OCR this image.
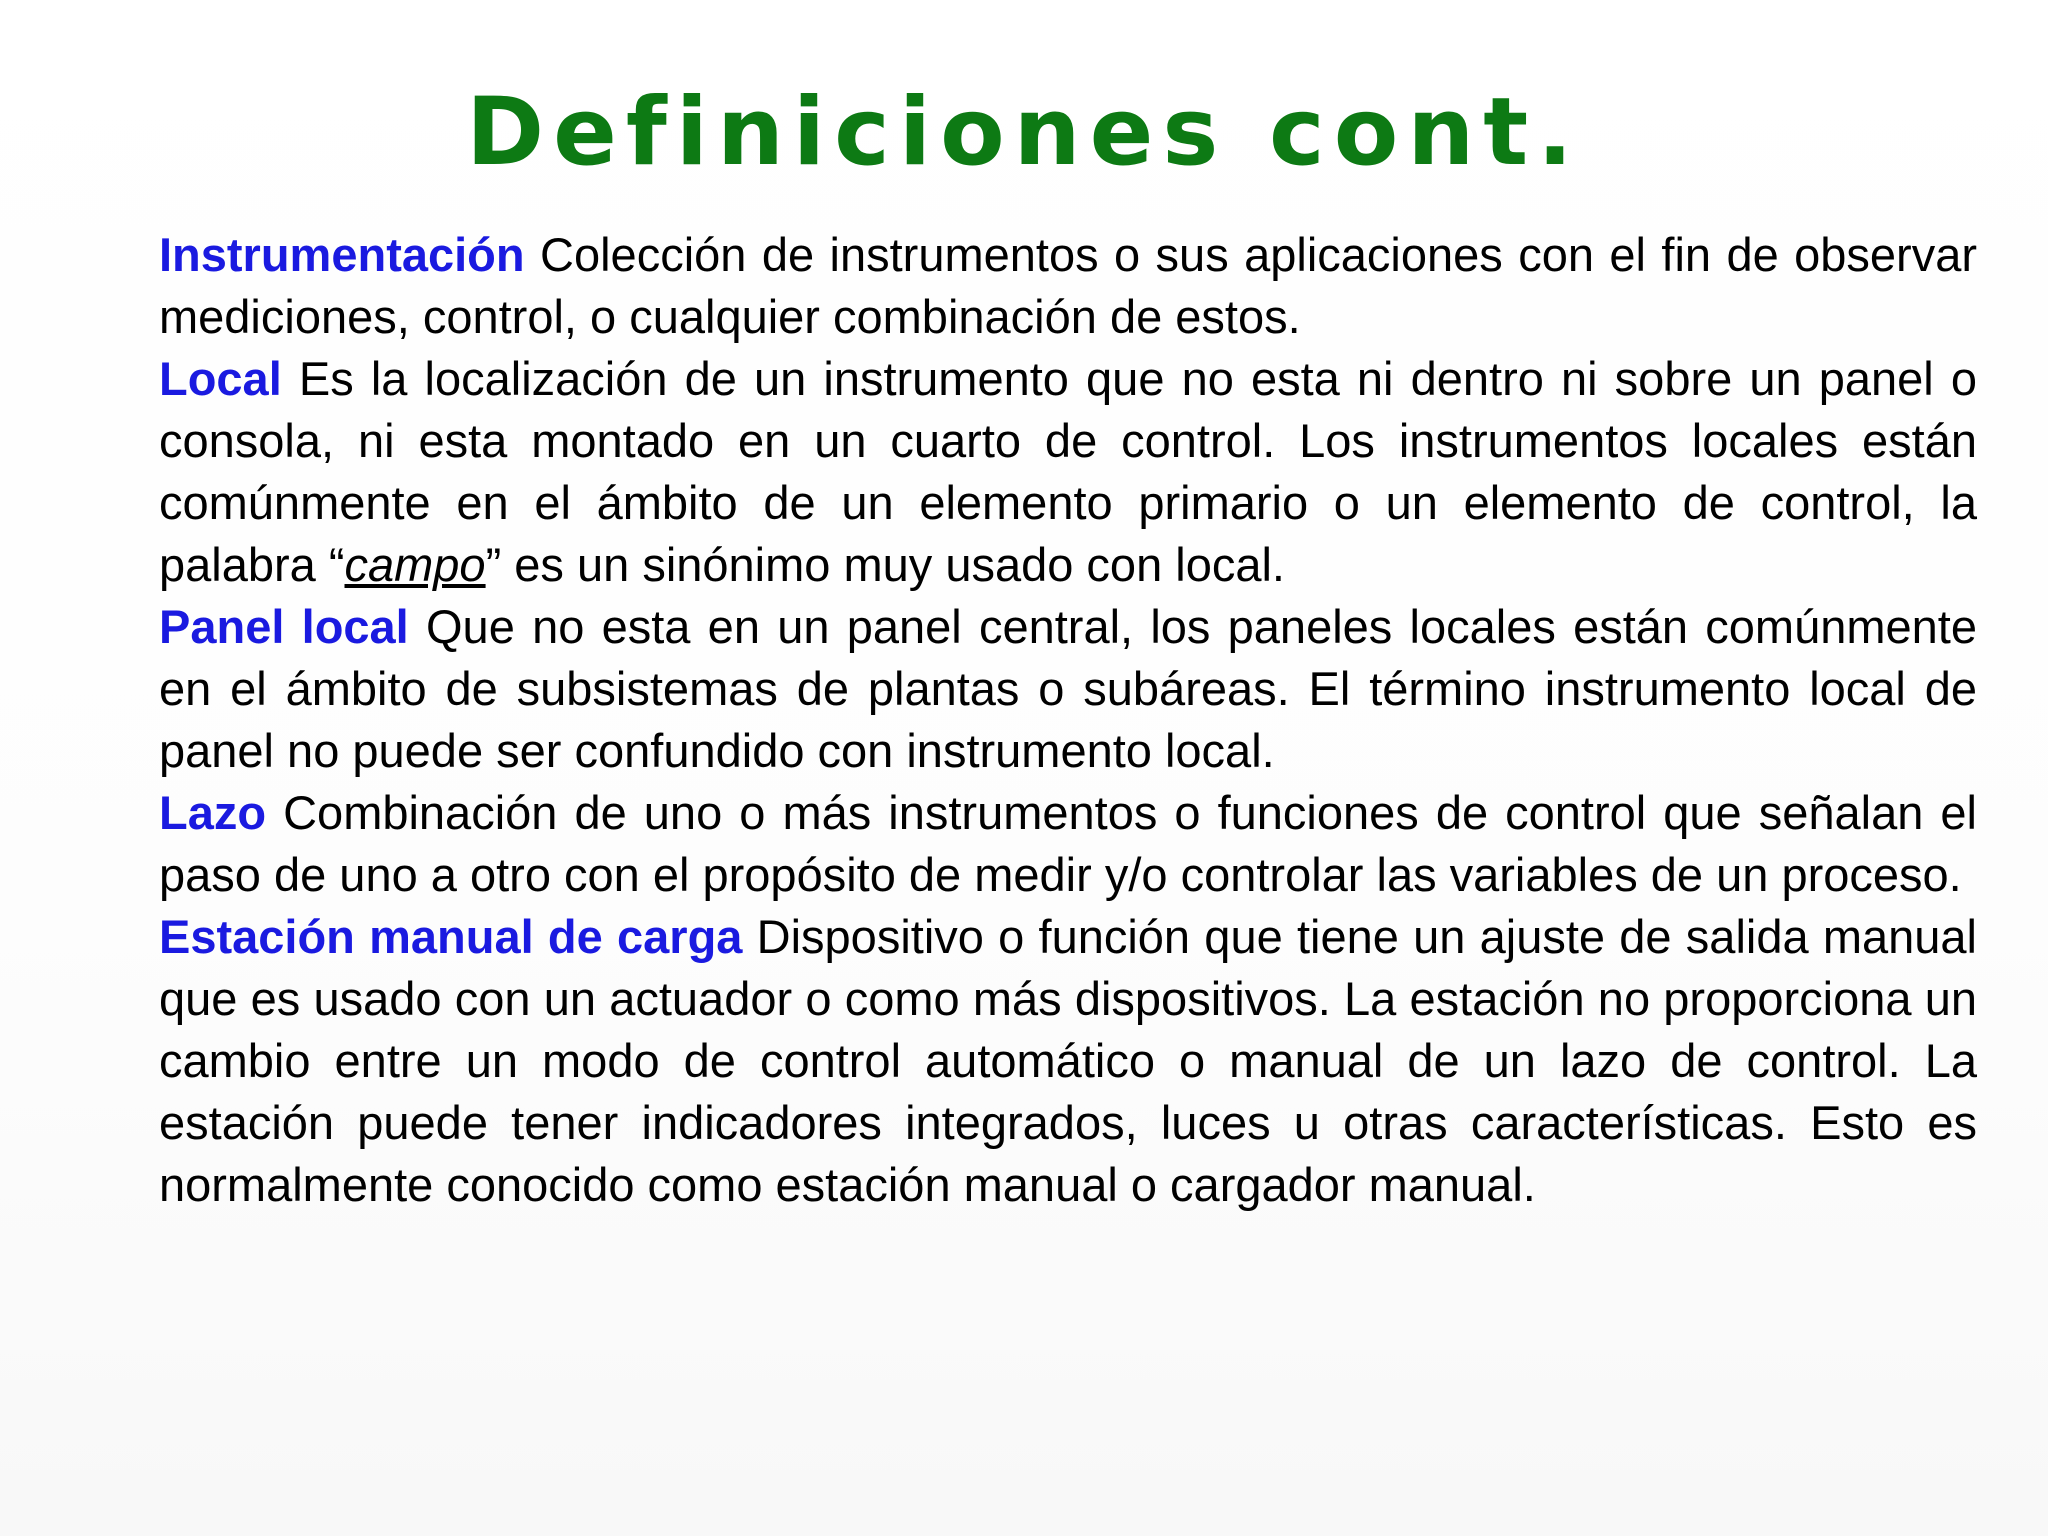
Definiciones cont.

Instrumentación Colección de instrumentos o sus aplicaciones con el fin de observar mediciones, control, o cualquier combinación de estos.

Local Es la localización de un instrumento que no esta ni dentro ni sobre un panel o consola, ni esta montado en un cuarto de control. Los instrumentos locales están comúnmente en el ámbito de un elemento primario o un elemento de control, la palabra “campo” es un sinónimo muy usado con local.

Panel local Que no esta en un panel central, los paneles locales están comúnmente en el ámbito de subsistemas de plantas o subáreas. El término instrumento local de panel no puede ser confundido con instrumento local.

Lazo Combinación de uno o más instrumentos o funciones de control que señalan el paso de uno a otro con el propósito de medir y/o controlar las variables de un proceso.

Estación manual de carga Dispositivo o función que tiene un ajuste de salida manual que es usado con un actuador o como más dispositivos. La estación no proporciona un cambio entre un modo de control automático o manual de un lazo de control. La estación puede tener indicadores integrados, luces u otras características. Esto es normalmente conocido como estación manual o cargador manual.
